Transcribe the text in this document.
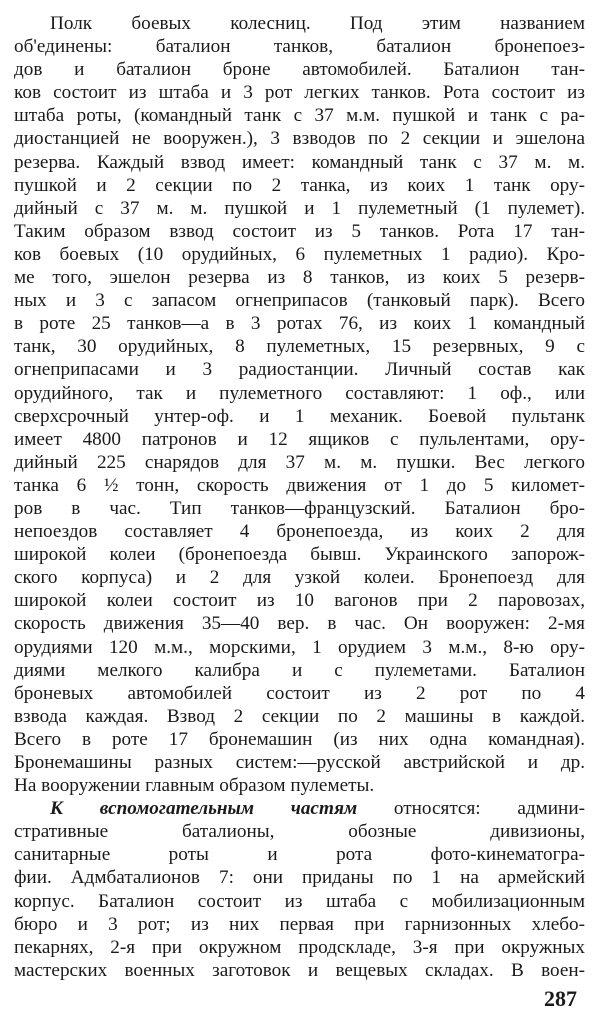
Полк боевых колесниц. Под этим названием
об'единены: баталион танков, баталион бронепоез-
дов и баталион броне автомобилей. Баталион тан-
ков состоит из штаба и 3 рот легких танков. Рота состоит из
штаба роты, (командный танк с 37 м.м. пушкой и танк с ра-
диостанцией не вооружен.), 3 взводов по 2 секции и эшелона
резерва. Каждый взвод имеет: командный танк с 37 м. м.
пушкой и 2 секции по 2 танка, из коих 1 танк ору-
дийный с 37 м. м. пушкой и 1 пулеметный (1 пулемет).
Таким образом взвод состоит из 5 танков. Рота 17 тан-
ков боевых (10 орудийных, 6 пулеметных 1 радио). Кро-
ме того, эшелон резерва из 8 танков, из коих 5 резерв-
ных и 3 с запасом огнеприпасов (танковый парк). Всего
в роте 25 танков—а в 3 ротах 76, из коих 1 командный
танк, 30 орудийных, 8 пулеметных, 15 резервных, 9 с
огнеприпасами и 3 радиостанции. Личный состав как
орудийного, так и пулеметного составляют: 1 оф., или
сверхсрочный унтер-оф. и 1 механик. Боевой пультанк
имеет 4800 патронов и 12 ящиков с пульлентами, ору-
дийный 225 снарядов для 37 м. м. пушки. Вес легкого
танка 6 ½ тонн, скорость движения от 1 до 5 километ-
ров в час. Тип танков—французский. Баталион бро-
непоездов составляет 4 бронепоезда, из коих 2 для
широкой колеи (бронепоезда бывш. Украинского запорож-
ского корпуса) и 2 для узкой колеи. Бронепоезд для
широкой колеи состоит из 10 вагонов при 2 паровозах,
скорость движения 35—40 вер. в час. Он вооружен: 2-мя
орудиями 120 м.м., морскими, 1 орудием 3 м.м., 8-ю ору-
диями мелкого калибра и с пулеметами. Баталион
броневых автомобилей состоит из 2 рот по 4
взвода каждая. Взвод 2 секции по 2 машины в каждой.
Всего в роте 17 бронемашин (из них одна командная).
Бронемашины разных систем:—русской австрийской и др.
На вооружении главным образом пулеметы.
К вспомогательным частям относятся: админи-
стративные баталионы, обозные дивизионы,
санитарные роты и рота фото-кинематогра-
фии. Адмбаталионов 7: они приданы по 1 на армейский
корпус. Баталион состоит из штаба с мобилизационным
бюро и 3 рот; из них первая при гарнизонных хлебо-
пекарнях, 2-я при окружном продскладе, 3-я при окружных
мастерских военных заготовок и вещевых складах. В воен-
287
